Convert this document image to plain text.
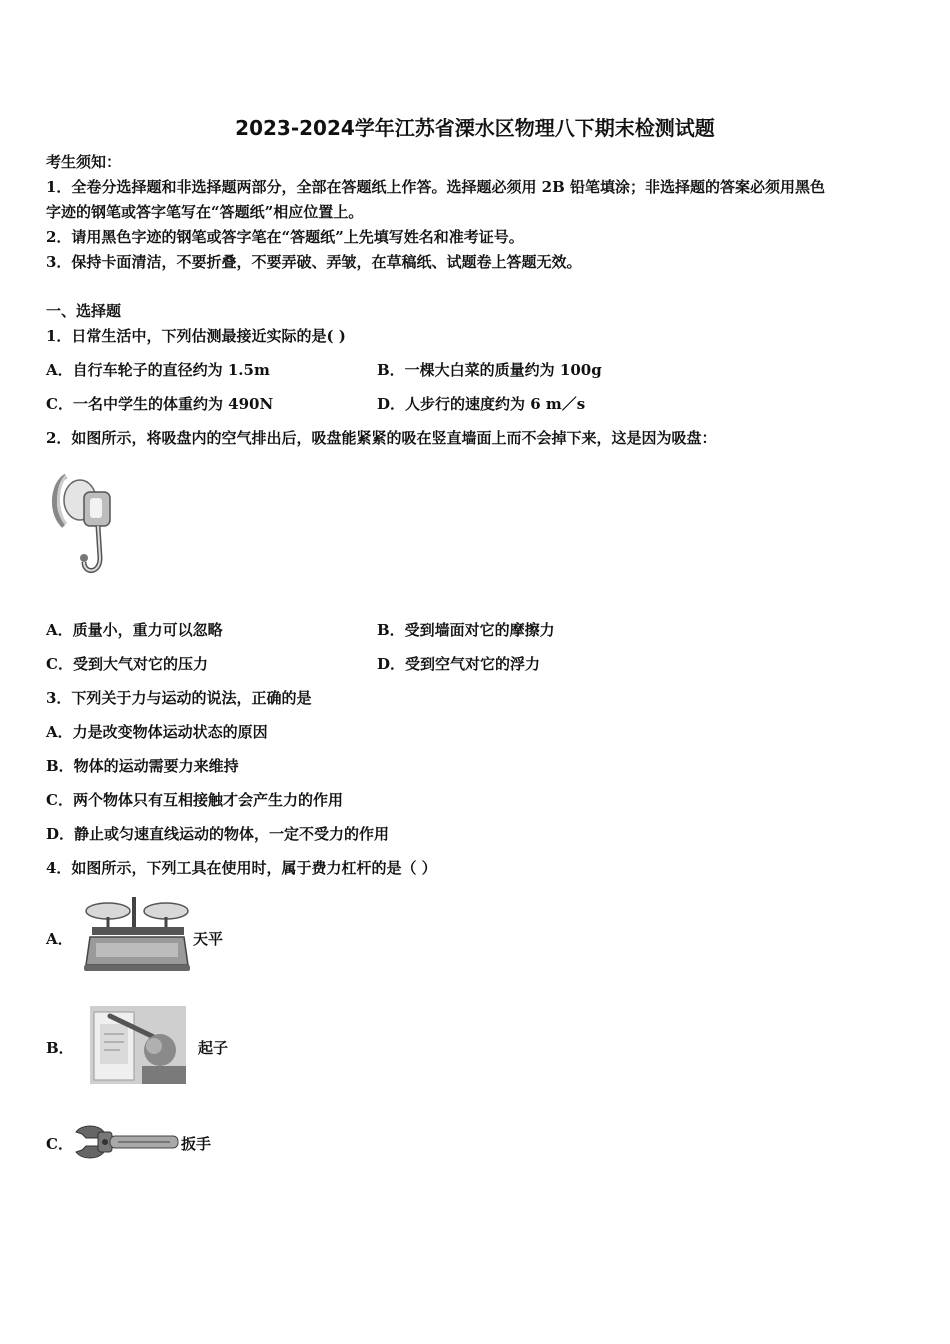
2023-2024学年江苏省溧水区物理八下期末检测试题
考生须知：
1．全卷分选择题和非选择题两部分，全部在答题纸上作答。选择题必须用 2B 铅笔填涂；非选择题的答案必须用黑色
字迹的钢笔或答字笔写在“答题纸”相应位置上。
2．请用黑色字迹的钢笔或答字笔在“答题纸”上先填写姓名和准考证号。
3．保持卡面清洁，不要折叠，不要弄破、弄皱，在草稿纸、试题卷上答题无效。
一、选择题
1．日常生活中，下列估测最接近实际的是( )
A．自行车轮子的直径约为 1.5m	B．一棵大白菜的质量约为 100g
C．一名中学生的体重约为 490N	D．人步行的速度约为 6 m／s
2．如图所示，将吸盘内的空气排出后，吸盘能紧紧的吸在竖直墙面上而不会掉下来，这是因为吸盘：
A．质量小，重力可以忽略	B．受到墙面对它的摩擦力
C．受到大气对它的压力	D．受到空气对它的浮力
3．下列关于力与运动的说法，正确的是
A．力是改变物体运动状态的原因
B．物体的运动需要力来维持
C．两个物体只有互相接触才会产生力的作用
D．静止或匀速直线运动的物体，一定不受力的作用
4．如图所示，下列工具在使用时，属于费力杠杆的是（ ）
A．	天平
B．	起子
C．	扳手
